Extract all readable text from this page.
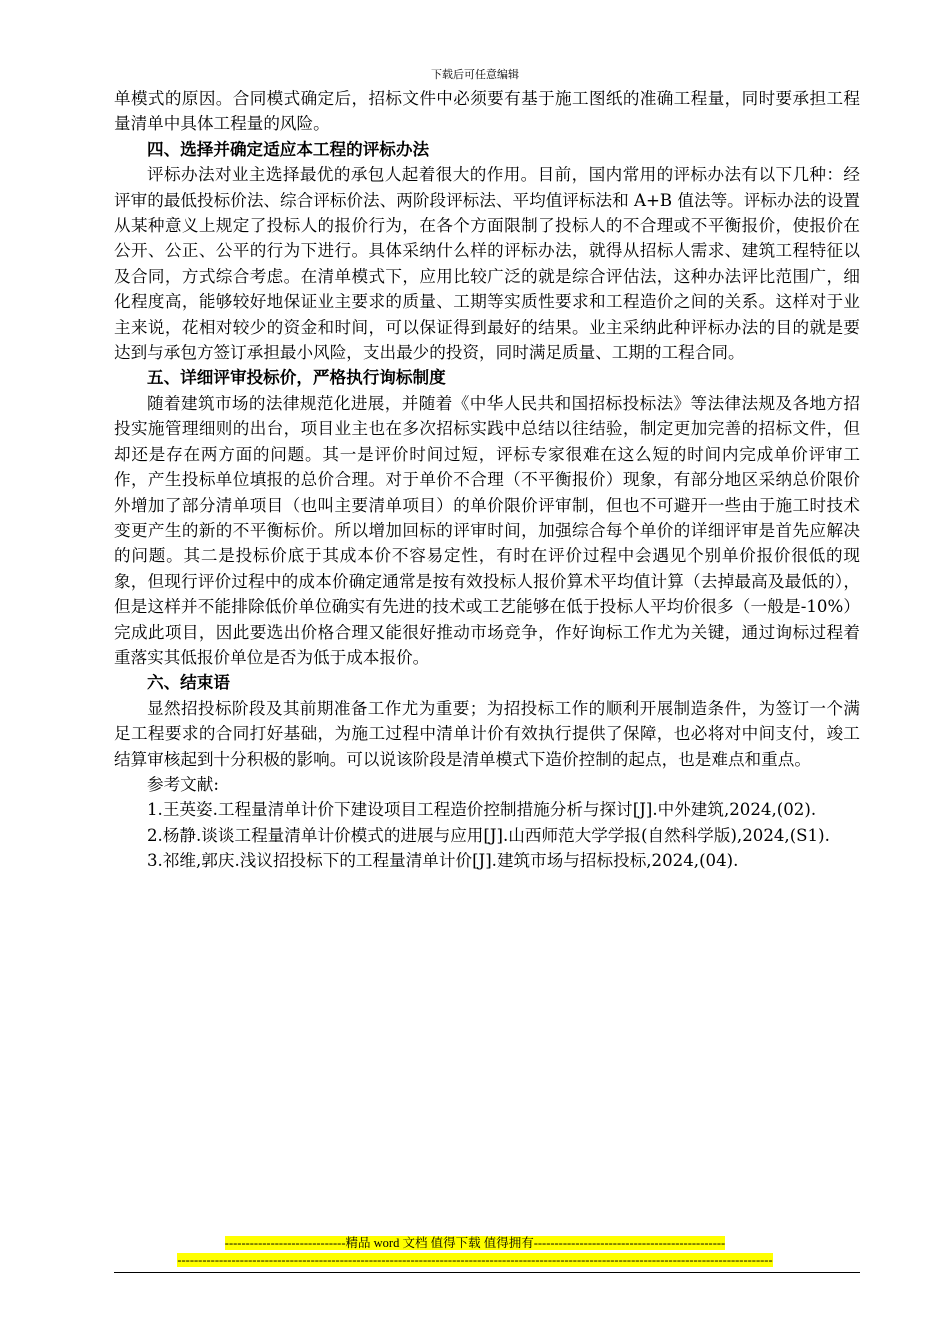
下载后可任意编辑

单模式的原因。合同模式确定后，招标文件中必须要有基于施工图纸的准确工程量，同时要承担工程量清单中具体工程量的风险。

四、选择并确定适应本工程的评标办法

评标办法对业主选择最优的承包人起着很大的作用。目前，国内常用的评标办法有以下几种：经评审的最低投标价法、综合评标价法、两阶段评标法、平均值评标法和 A+B 值法等。评标办法的设置从某种意义上规定了投标人的报价行为，在各个方面限制了投标人的不合理或不平衡报价，使报价在公开、公正、公平的行为下进行。具体采纳什么样的评标办法，就得从招标人需求、建筑工程特征以及合同，方式综合考虑。在清单模式下，应用比较广泛的就是综合评估法，这种办法评比范围广，细化程度高，能够较好地保证业主要求的质量、工期等实质性要求和工程造价之间的关系。这样对于业主来说，花相对较少的资金和时间，可以保证得到最好的结果。业主采纳此种评标办法的目的就是要达到与承包方签订承担最小风险，支出最少的投资，同时满足质量、工期的工程合同。

五、详细评审投标价，严格执行询标制度

随着建筑市场的法律规范化进展，并随着《中华人民共和国招标投标法》等法律法规及各地方招投实施管理细则的出台，项目业主也在多次招标实践中总结以往结验，制定更加完善的招标文件，但却还是存在两方面的问题。其一是评价时间过短，评标专家很难在这么短的时间内完成单价评审工作，产生投标单位填报的总价合理。对于单价不合理（不平衡报价）现象，有部分地区采纳总价限价外增加了部分清单项目（也叫主要清单项目）的单价限价评审制，但也不可避开一些由于施工时技术变更产生的新的不平衡标价。所以增加回标的评审时间，加强综合每个单价的详细评审是首先应解决的问题。其二是投标价底于其成本价不容易定性，有时在评价过程中会遇见个别单价报价很低的现象，但现行评价过程中的成本价确定通常是按有效投标人报价算术平均值计算（去掉最高及最低的），但是这样并不能排除低价单位确实有先进的技术或工艺能够在低于投标人平均价很多（一般是-10%）完成此项目，因此要选出价格合理又能很好推动市场竞争，作好询标工作尤为关键，通过询标过程着重落实其低报价单位是否为低于成本报价。

六、结束语

显然招投标阶段及其前期准备工作尤为重要；为招投标工作的顺利开展制造条件，为签订一个满足工程要求的合同打好基础，为施工过程中清单计价有效执行提供了保障，也必将对中间支付，竣工结算审核起到十分积极的影响。可以说该阶段是清单模式下造价控制的起点，也是难点和重点。

参考文献:

1.王英姿.工程量清单计价下建设项目工程造价控制措施分析与探讨[J].中外建筑,2024,(02).

2.杨静.谈谈工程量清单计价模式的进展与应用[J].山西师范大学学报(自然科学版),2024,(S1).

3.祁维,郭庆.浅议招投标下的工程量清单计价[J].建筑市场与招标投标,2024,(04).

-----------------------------精品 word 文档 值得下载 值得拥有----------------------------------------------
-----------------------------------------------------------------------------------------------------------------------------------------------
